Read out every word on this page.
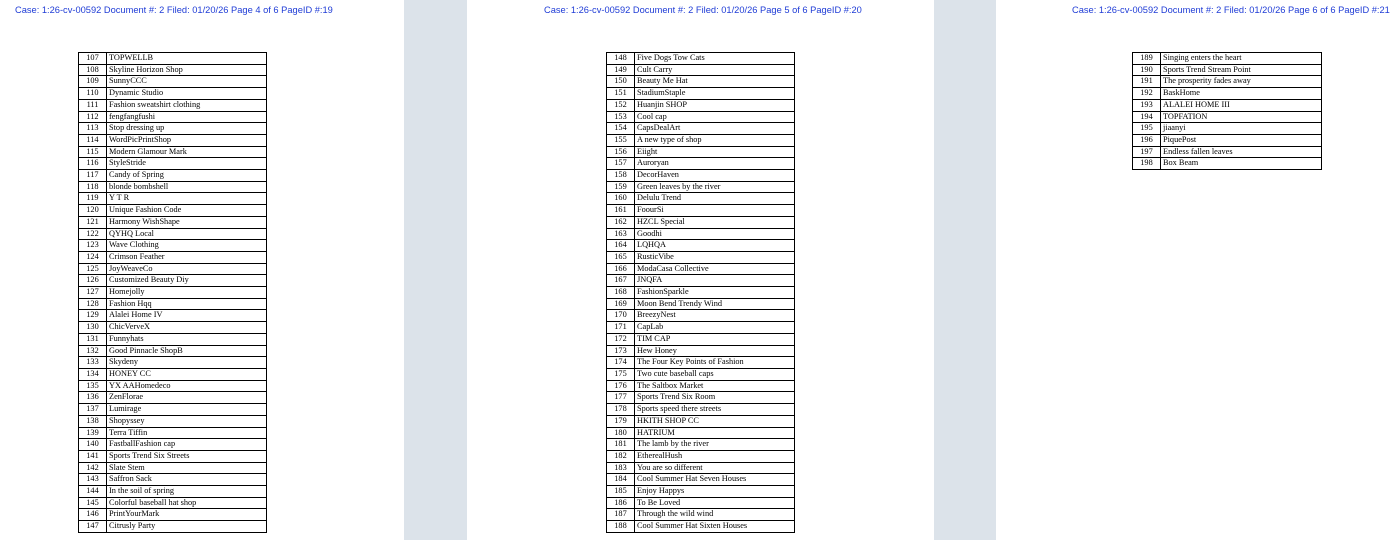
Case: 1:26-cv-00592 Document #: 2 Filed: 01/20/26 Page 4 of 6 PageID #:19
107	TOPWELLB
108	Skyline Horizon Shop
109	SunnyCCC
110	Dynamic Studio
111	Fashion sweatshirt clothing
112	fengfangfushi
113	Stop dressing up
114	WordPicPrintShop
115	Modern Glamour Mark
116	StyleStride
117	Candy of Spring
118	blonde bombshell
119	Y T R
120	Unique Fashion Code
121	Harmony WishShape
122	QYHQ Local
123	Wave Clothing
124	Crimson Feather
125	JoyWeaveCo
126	Customized Beauty Diy
127	Homejolly
128	Fashion Hqq
129	Alalei Home IV
130	ChicVerveX
131	Funnyhats
132	Good Pinnacle ShopB
133	Skydeny
134	HONEY CC
135	YX AAHomedeco
136	ZenFlorae
137	Lumirage
138	Shopyssey
139	Terra Tiffin
140	FastballFashion cap
141	Sports Trend Six Streets
142	Slate Stem
143	Saffron Sack
144	In the soil of spring
145	Colorful baseball hat shop
146	PrintYourMark
147	Citrusly Party
Case: 1:26-cv-00592 Document #: 2 Filed: 01/20/26 Page 5 of 6 PageID #:20
148	Five Dogs Tow Cats
149	Cult Carry
150	Beauty Me Hat
151	StadiumStaple
152	Huanjin SHOP
153	Cool cap
154	CapsDealArt
155	A new type of shop
156	Eiight
157	Auroryan
158	DecorHaven
159	Green leaves by the river
160	Delulu Trend
161	FoourSi
162	HZCL Special
163	Goodhi
164	LQHQA
165	RusticVibe
166	ModaCasa Collective
167	JNQFA
168	FashionSparkle
169	Moon Bend Trendy Wind
170	BreezyNest
171	CapLab
172	TIM CAP
173	Hew Honey
174	The Four Key Points of Fashion
175	Two cute baseball caps
176	The Saltbox Market
177	Sports Trend Six Room
178	Sports speed there streets
179	HKITH SHOP CC
180	HATRIUM
181	The lamb by the river
182	EtherealHush
183	You are so different
184	Cool Summer Hat Seven Houses
185	Enjoy Happys
186	To Be Loved
187	Through the wild wind
188	Cool Summer Hat Sixten Houses
Case: 1:26-cv-00592 Document #: 2 Filed: 01/20/26 Page 6 of 6 PageID #:21
189	Singing enters the heart
190	Sports Trend Stream Point
191	The prosperity fades away
192	BaskHome
193	ALALEI HOME III
194	TOPFATION
195	jiaanyi
196	PiquePost
197	Endless fallen leaves
198	Box Beam
